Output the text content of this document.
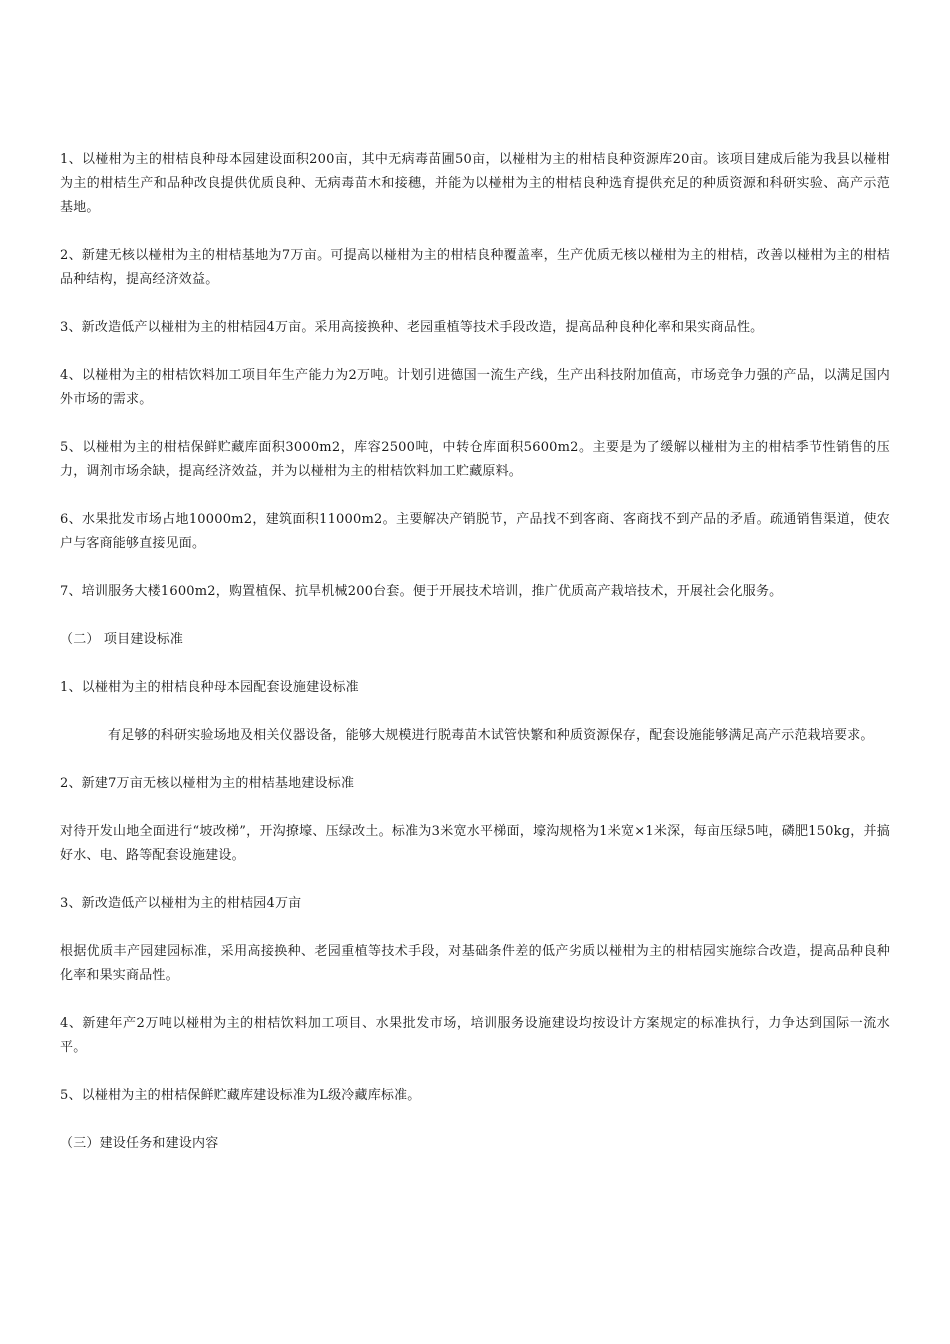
1、以椪柑为主的柑桔良种母本园建设面积200亩，其中无病毒苗圃50亩，以椪柑为主的柑桔良种资源库20亩。该项目建成后能为我县以椪柑为主的柑桔生产和品种改良提供优质良种、无病毒苗木和接穗，并能为以椪柑为主的柑桔良种选育提供充足的种质资源和科研实验、高产示范基地。

2、新建无核以椪柑为主的柑桔基地为7万亩。可提高以椪柑为主的柑桔良种覆盖率，生产优质无核以椪柑为主的柑桔，改善以椪柑为主的柑桔品种结构，提高经济效益。

3、新改造低产以椪柑为主的柑桔园4万亩。采用高接换种、老园重植等技术手段改造，提高品种良种化率和果实商品性。

4、以椪柑为主的柑桔饮料加工项目年生产能力为2万吨。计划引进德国一流生产线，生产出科技附加值高，市场竞争力强的产品，以满足国内外市场的需求。

5、以椪柑为主的柑桔保鲜贮藏库面积3000m2，库容2500吨，中转仓库面积5600m2。主要是为了缓解以椪柑为主的柑桔季节性销售的压力，调剂市场余缺，提高经济效益，并为以椪柑为主的柑桔饮料加工贮藏原料。

6、水果批发市场占地10000m2，建筑面积11000m2。主要解决产销脱节，产品找不到客商、客商找不到产品的矛盾。疏通销售渠道，使农户与客商能够直接见面。

7、培训服务大楼1600m2，购置植保、抗旱机械200台套。便于开展技术培训，推广优质高产栽培技术，开展社会化服务。

（二） 项目建设标准

1、以椪柑为主的柑桔良种母本园配套设施建设标准

有足够的科研实验场地及相关仪器设备，能够大规模进行脱毒苗木试管快繁和种质资源保存，配套设施能够满足高产示范栽培要求。

2、新建7万亩无核以椪柑为主的柑桔基地建设标准

对待开发山地全面进行“坡改梯”，开沟撩壕、压绿改土。标准为3米宽水平梯面，壕沟规格为1米宽×1米深，每亩压绿5吨，磷肥150kg，并搞好水、电、路等配套设施建设。

3、新改造低产以椪柑为主的柑桔园4万亩

根据优质丰产园建园标准，采用高接换种、老园重植等技术手段，对基础条件差的低产劣质以椪柑为主的柑桔园实施综合改造，提高品种良种化率和果实商品性。

4、新建年产2万吨以椪柑为主的柑桔饮料加工项目、水果批发市场，培训服务设施建设均按设计方案规定的标准执行，力争达到国际一流水平。

5、以椪柑为主的柑桔保鲜贮藏库建设标准为L级冷藏库标准。

（三）建设任务和建设内容
